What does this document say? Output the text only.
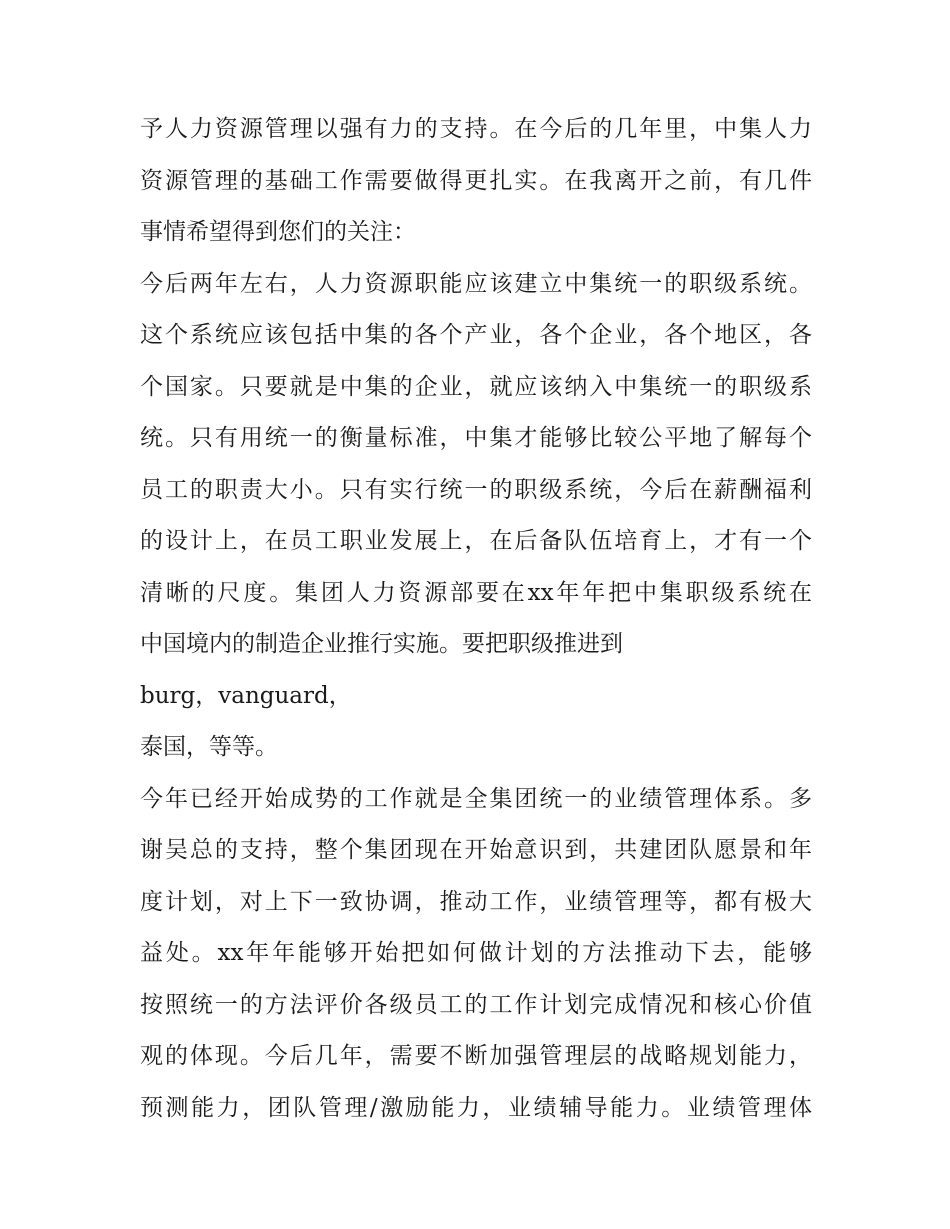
予人力资源管理以强有力的支持。在今后的几年里，中集人力
资源管理的基础工作需要做得更扎实。在我离开之前，有几件
事情希望得到您们的关注：
今后两年左右，人力资源职能应该建立中集统一的职级系统。
这个系统应该包括中集的各个产业，各个企业，各个地区，各
个国家。只要就是中集的企业，就应该纳入中集统一的职级系
统。只有用统一的衡量标准，中集才能够比较公平地了解每个
员工的职责大小。只有实行统一的职级系统，今后在薪酬福利
的设计上，在员工职业发展上，在后备队伍培育上，才有一个
清晰的尺度。集团人力资源部要在xx年年把中集职级系统在
中国境内的制造企业推行实施。要把职级推进到
burg，vanguard，
泰国，等等。
今年已经开始成势的工作就是全集团统一的业绩管理体系。多
谢吴总的支持，整个集团现在开始意识到，共建团队愿景和年
度计划，对上下一致协调，推动工作，业绩管理等，都有极大
益处。xx年年能够开始把如何做计划的方法推动下去，能够
按照统一的方法评价各级员工的工作计划完成情况和核心价值
观的体现。今后几年，需要不断加强管理层的战略规划能力，
预测能力，团队管理/激励能力，业绩辅导能力。业绩管理体
